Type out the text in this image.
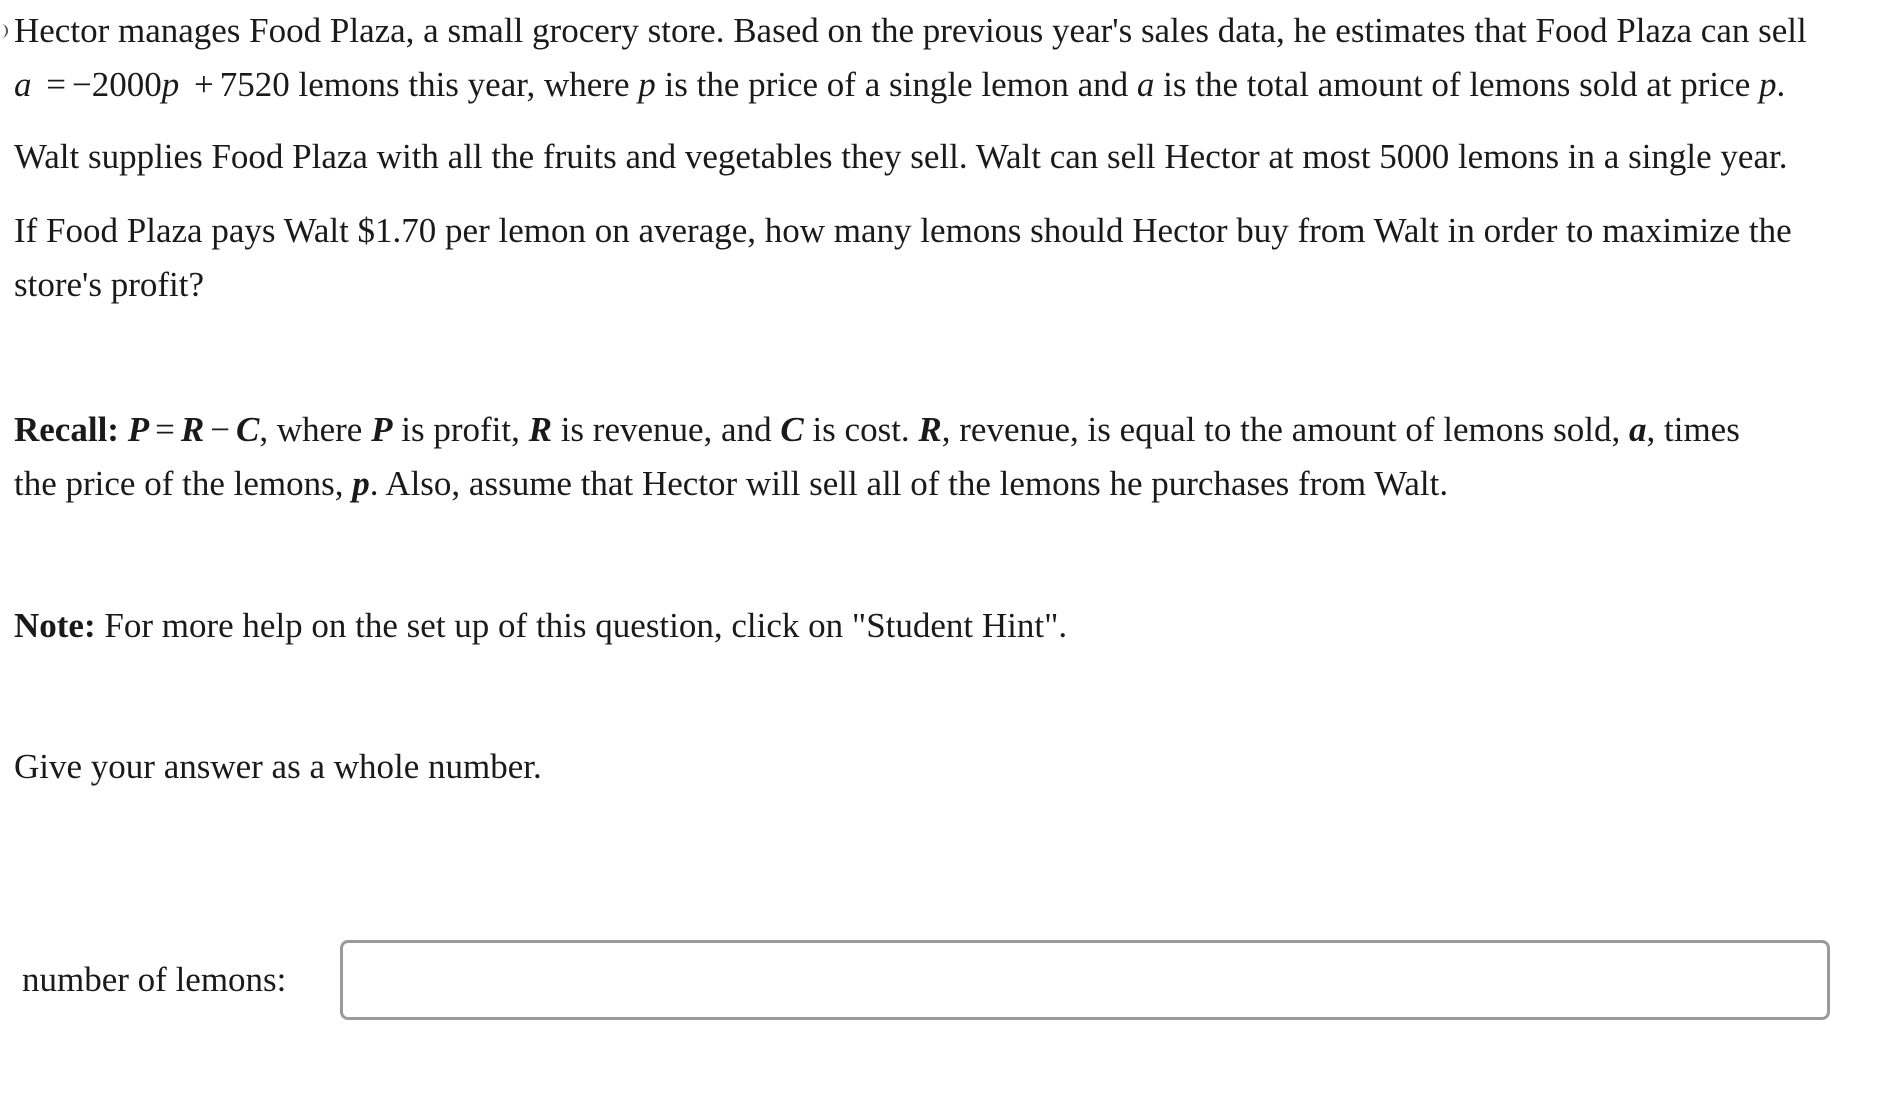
Hector manages Food Plaza, a small grocery store. Based on the previous year's sales data, he estimates that Food Plaza can sell
a = −2000p + 7520 lemons this year, where p is the price of a single lemon and a is the total amount of lemons sold at price p.
Walt supplies Food Plaza with all the fruits and vegetables they sell. Walt can sell Hector at most 5000 lemons in a single year.
If Food Plaza pays Walt $1.70 per lemon on average, how many lemons should Hector buy from Walt in order to maximize the
store's profit?
Recall: P = R − C, where P is profit, R is revenue, and C is cost. R, revenue, is equal to the amount of lemons sold, a, times
the price of the lemons, p. Also, assume that Hector will sell all of the lemons he purchases from Walt.
Note: For more help on the set up of this question, click on "Student Hint".
Give your answer as a whole number.
number of lemons:
